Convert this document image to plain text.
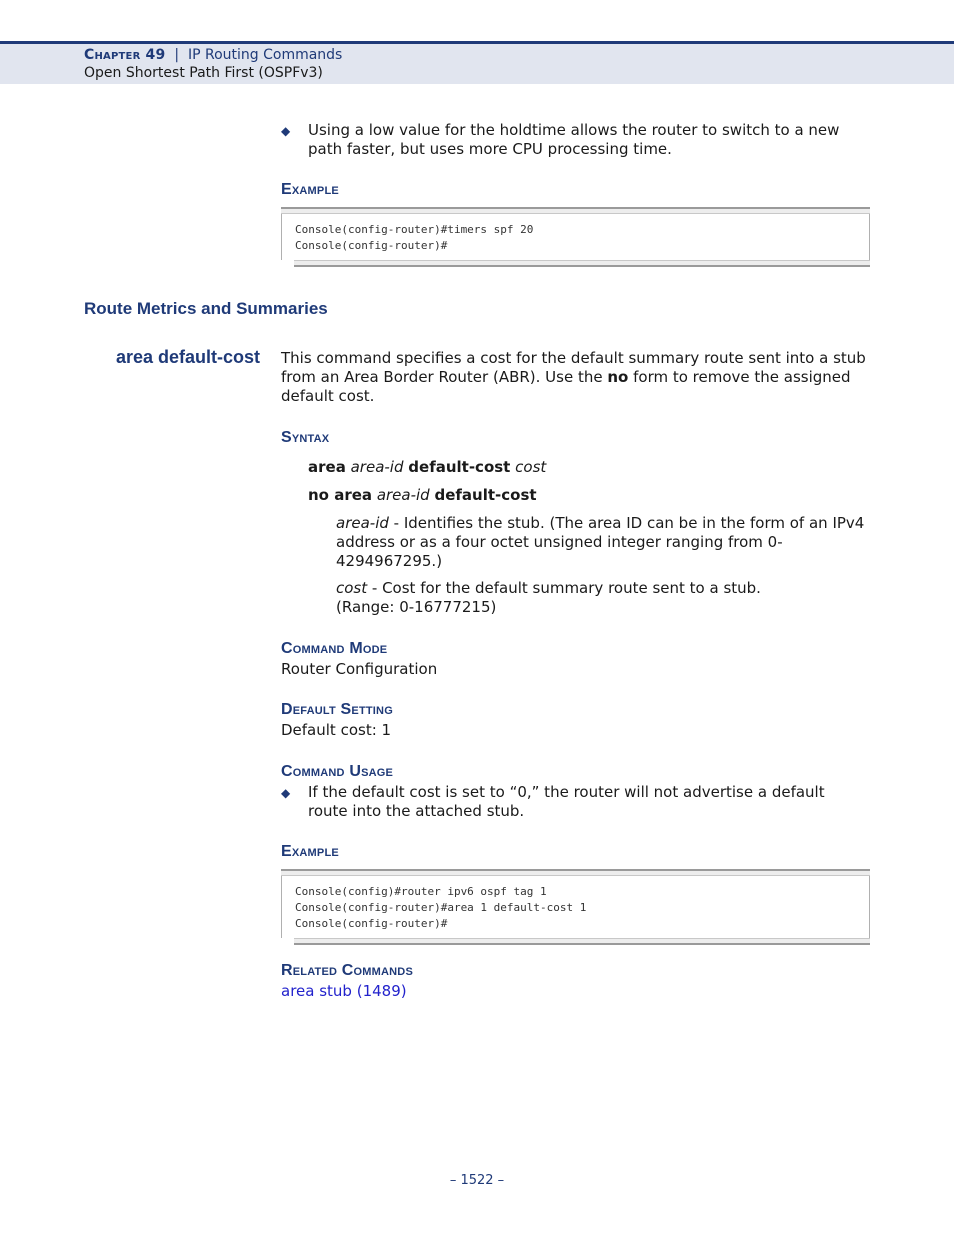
Chapter 49 | IP Routing Commands
Open Shortest Path First (OSPFv3)
◆ Using a low value for the holdtime allows the router to switch to a new path faster, but uses more CPU processing time.
Example
Console(config-router)#timers spf 20
Console(config-router)#
Route Metrics and Summaries
area default-cost This command specifies a cost for the default summary route sent into a stub from an Area Border Router (ABR). Use the no form to remove the assigned default cost.
Syntax
area area-id default-cost cost
no area area-id default-cost
area-id - Identifies the stub. (The area ID can be in the form of an IPv4 address or as a four octet unsigned integer ranging from 0-4294967295.)
cost - Cost for the default summary route sent to a stub. (Range: 0-16777215)
Command Mode
Router Configuration
Default Setting
Default cost: 1
Command Usage
◆ If the default cost is set to “0,” the router will not advertise a default route into the attached stub.
Example
Console(config)#router ipv6 ospf tag 1
Console(config-router)#area 1 default-cost 1
Console(config-router)#
Related Commands
area stub (1489)
– 1522 –
